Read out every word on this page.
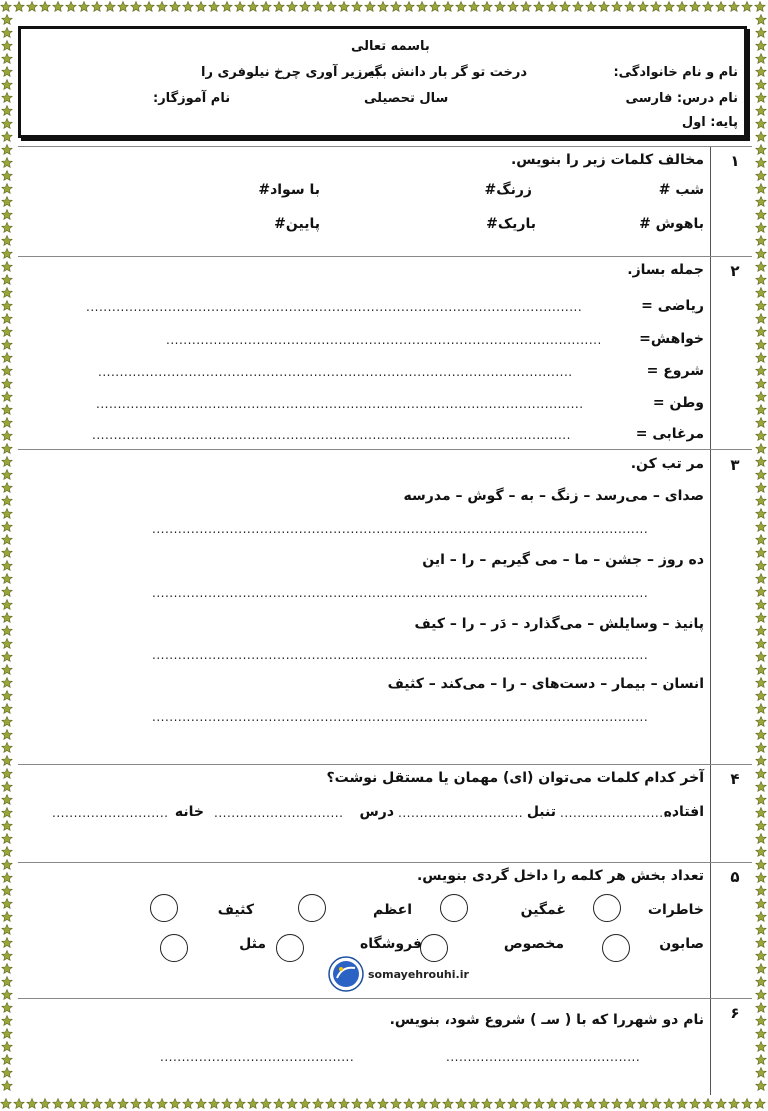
باسمه تعالی
نام و نام خانوادگی:
درخت تو گر بار دانش بگیر
به زیر آوری چرخ نیلوفری را
نام درس: فارسی
سال تحصیلی
نام آموزگار:
پایه: اول
۱
مخالف کلمات زیر را بنویس.
شب #
زرنگ#
با سواد#
باهوش #
باریک#
پایین#
۲
جمله بساز.
ریاضی =
...................................................................................................................
خواهش=
.....................................................................................................
شروع =
..............................................................................................................
وطن =
.................................................................................................................
مرغابی =
...............................................................................................................
۳
مر تب کن.
صدای – می‌رسد – زنگ – به – گوش – مدرسه
...................................................................................................................
ده روز – جشن – ما – می گیریم – را – این
...................................................................................................................
پانیذ – وسایلش – می‌گذارد – دَر – را – کیف
...................................................................................................................
انسان – بیمار – دست‌های – را – می‌کند – کثیف
...................................................................................................................
۴
آخر کدام کلمات می‌توان (ای) مهمان یا مستقل نوشت؟
افتاده
...........................
تنبل
.............................
درس
..............................
خانه
...........................
۵
تعداد بخش هر کلمه را داخل گردی بنویس.
خاطرات
غمگین
اعظم
کثیف
صابون
مخصوص
فروشگاه
مثل
۶
نام دو شهررا که با ( سـ ) شروع شود، بنویس.
.............................................
.............................................
somayehrouhi.ir
